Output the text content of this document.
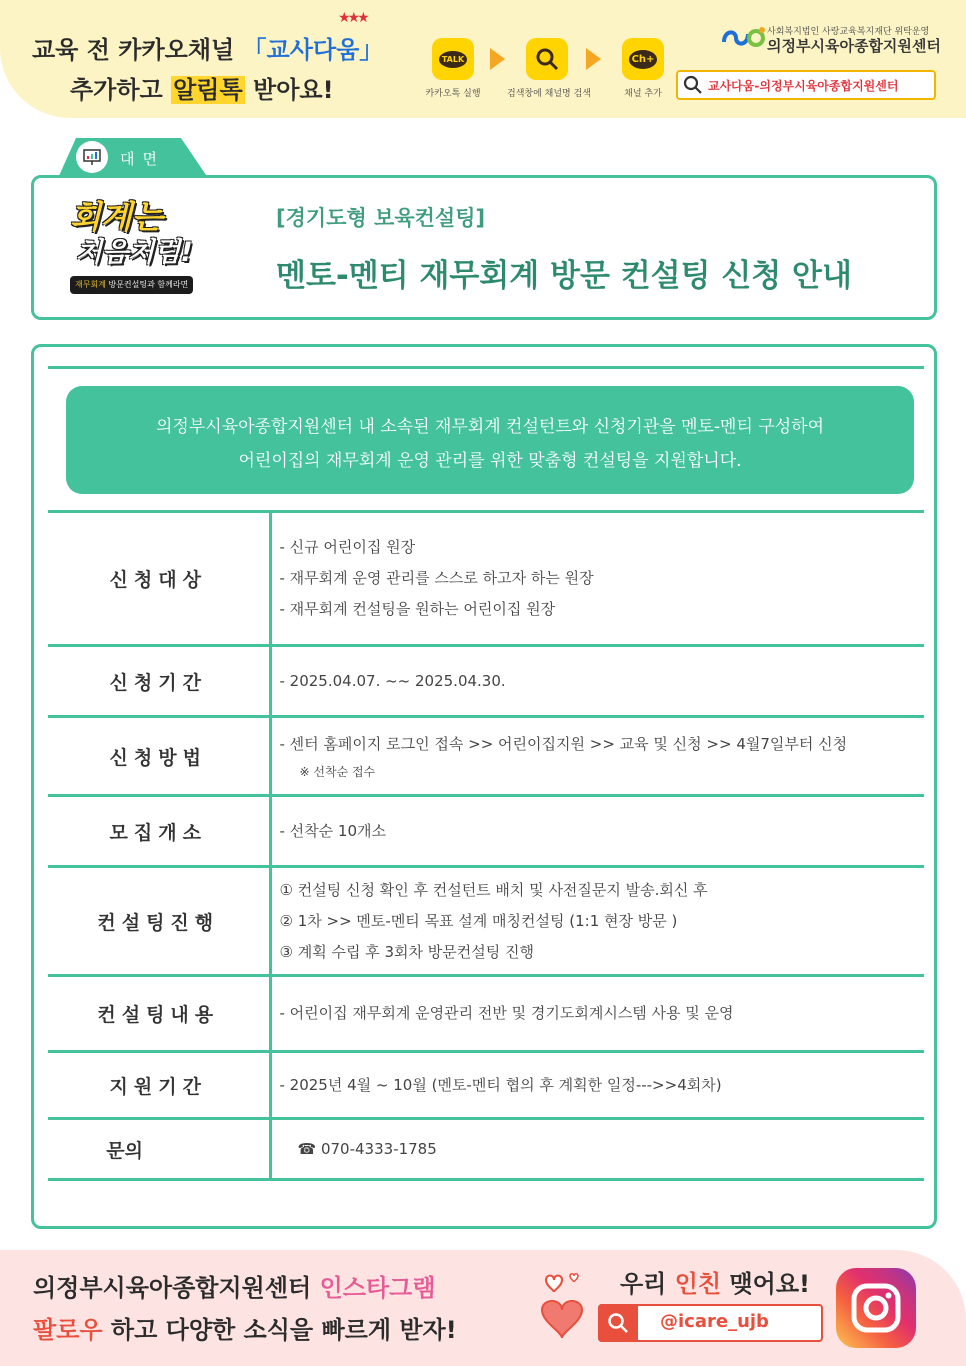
교육 전 카카오채널 「교사다움」
★★★
추가하고 알림톡 받아요!
TALK
카카오톡 실행	검색창에 채널명 검색
Ch+
채널 추가
사회복지법인 사랑교육복지재단 위탁운영
의정부시육아종합지원센터
교사다움-의정부시육아종합지원센터
대면
회계는
처음처럼!
재무회계 방문컨설팅과 함께라면
[경기도형 보육컨설팅]
멘토-멘티 재무회계 방문 컨설팅 신청 안내
의정부시육아종합지원센터 내 소속된 재무회계 컨설턴트와 신청기관을 멘토-멘티 구성하여
어린이집의 재무회계 운영 관리를 위한 맞춤형 컨설팅을 지원합니다.
신청대상	- 신규 어린이집 원장
- 재무회계 운영 관리를 스스로 하고자 하는 원장
- 재무회계 컨설팅을 원하는 어린이집 원장

신청기간	- 2025.04.07. ~~ 2025.04.30.

신청방법	- 센터 홈페이지 로그인 접속 >> 어린이집지원 >> 교육 및 신청 >> 4월7일부터 신청
※ 선착순 접수

모집개소	- 선착순 10개소

컨설팅진행	① 컨설팅 신청 확인 후 컨설턴트 배치 및 사전질문지 발송.회신 후
② 1차 >> 멘토-멘티 목표 설계 매칭컨설팅 (1:1 현장 방문 )
③ 계획 수립 후 3회차 방문컨설팅 진행

컨설팅내용	- 어린이집 재무회계 운영관리 전반 및 경기도회계시스템 사용 및 운영

지원기간	- 2025년 4월 ~ 10월 (멘토-멘티 협의 후 계획한 일정--->>4회차)

문의	☎ 070-4333-1785
의정부시육아종합지원센터 인스타그램
팔로우 하고 다양한 소식을 빠르게 받자!
우리 인친 맺어요!
@icare_ujb
